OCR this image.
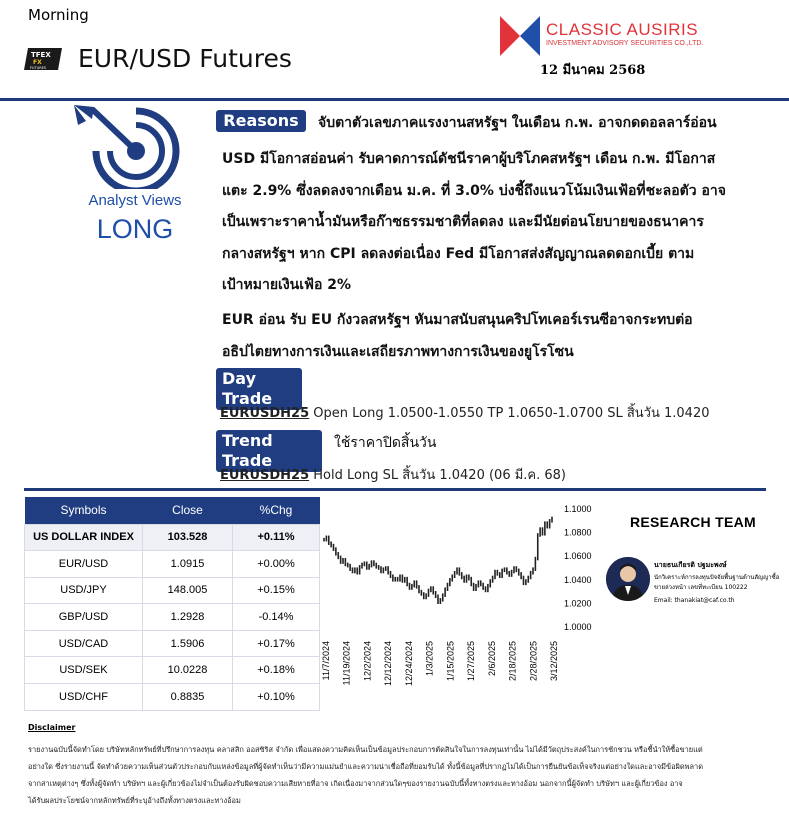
Morning
TFEX
FX
FUTURES EUR/USD Futures
CLASSIC AUSIRIS
INVESTMENT ADVISORY SECURITIES CO.,LTD.
12 มีนาคม 2568
Analyst Views
LONG
Reasons	จับตาตัวเลขภาคแรงงานสหรัฐฯ ในเดือน ก.พ. อาจกดดอลลาร์อ่อน
USD มีโอกาสอ่อนค่า รับคาดการณ์ดัชนีราคาผู้บริโภคสหรัฐฯ เดือน ก.พ. มีโอกาส
แตะ 2.9% ซึ่งลดลงจากเดือน ม.ค. ที่ 3.0% บ่งชี้ถึงแนวโน้มเงินเฟ้อที่ชะลอตัว อาจ
เป็นเพราะราคาน้ำมันหรือก๊าซธรรมชาติที่ลดลง และมีนัยต่อนโยบายของธนาคาร
กลางสหรัฐฯ หาก CPI ลดลงต่อเนื่อง Fed มีโอกาสส่งสัญญาณลดดอกเบี้ย ตาม
เป้าหมายเงินเฟ้อ 2%
EUR อ่อน รับ EU กังวลสหรัฐฯ หันมาสนับสนุนคริปโทเคอร์เรนซีอาจกระทบต่อ
อธิปไตยทางการเงินและเสถียรภาพทางการเงินของยูโรโซน
Day Trade
EURUSDH25 Open Long 1.0500-1.0550 TP 1.0650-1.0700 SL สิ้นวัน 1.0420
Trend Trade
ใช้ราคาปิดสิ้นวัน
EURUSDH25 Hold Long SL สิ้นวัน 1.0420 (06 มี.ค. 68)
Symbols	Close	%Chg
US DOLLAR INDEX	103.528	+0.11%
EUR/USD	1.0915	+0.00%
USD/JPY	148.005	+0.15%
GBP/USD	1.2928	-0.14%
USD/CAD	1.5906	+0.17%
USD/SEK	10.0228	+0.18%
USD/CHF	0.8835	+0.10%
1.0000
1.0200
1.0400
1.0600
1.0800
1.1000
11/7/2024 11/19/2024 12/2/2024 12/12/2024 12/24/2024 1/3/2025 1/15/2025 1/27/2025 2/6/2025 2/18/2025 2/28/2025 3/12/2025
RESEARCH TEAM
นายธนเกียรติ ปฐมะพงษ์
นักวิเคราะห์การลงทุนปัจจัยพื้นฐานด้านสัญญาซื้อ
ขายล่วงหน้า เลขที่ทะเบียน 100222
Email: thanakiat@caf.co.th
Disclaimer
รายงานฉบับนี้จัดทำโดย บริษัทหลักทรัพย์ที่ปรึกษาการลงทุน คลาสสิก ออสซิริส จำกัด เพื่อแสดงความคิดเห็นเป็นข้อมูลประกอบการตัดสินใจในการลงทุนเท่านั้น ไม่ได้มีวัตถุประสงค์ในการชักชวน หรือชี้นำให้ซื้อขายแต่
อย่างใด ซึ่งรายงานนี้ จัดทำด้วยความเห็นส่วนตัวประกอบกับแหล่งข้อมูลที่ผู้จัดทำเห็นว่ามีความแม่นยำและความน่าเชื่อถือที่ยอมรับได้ ทั้งนี้ข้อมูลที่ปรากฏไม่ได้เป็นการยืนยันข้อเท็จจริงแต่อย่างใดและอาจมีข้อผิดพลาด
จากสาเหตุต่างๆ ซึ่งทั้งผู้จัดทำ บริษัทฯ และผู้เกี่ยวข้องไม่จำเป็นต้องรับผิดชอบความเสียหายที่อาจ เกิดเนื่องมาจากส่วนใดๆของรายงานฉบับนี้ทั้งทางตรงและทางอ้อม นอกจากนี้ผู้จัดทำ บริษัทฯ และผู้เกี่ยวข้อง อาจ
ได้รับผลประโยชน์จากหลักทรัพย์ที่ระบุอ้างถึงทั้งทางตรงและทางอ้อม
